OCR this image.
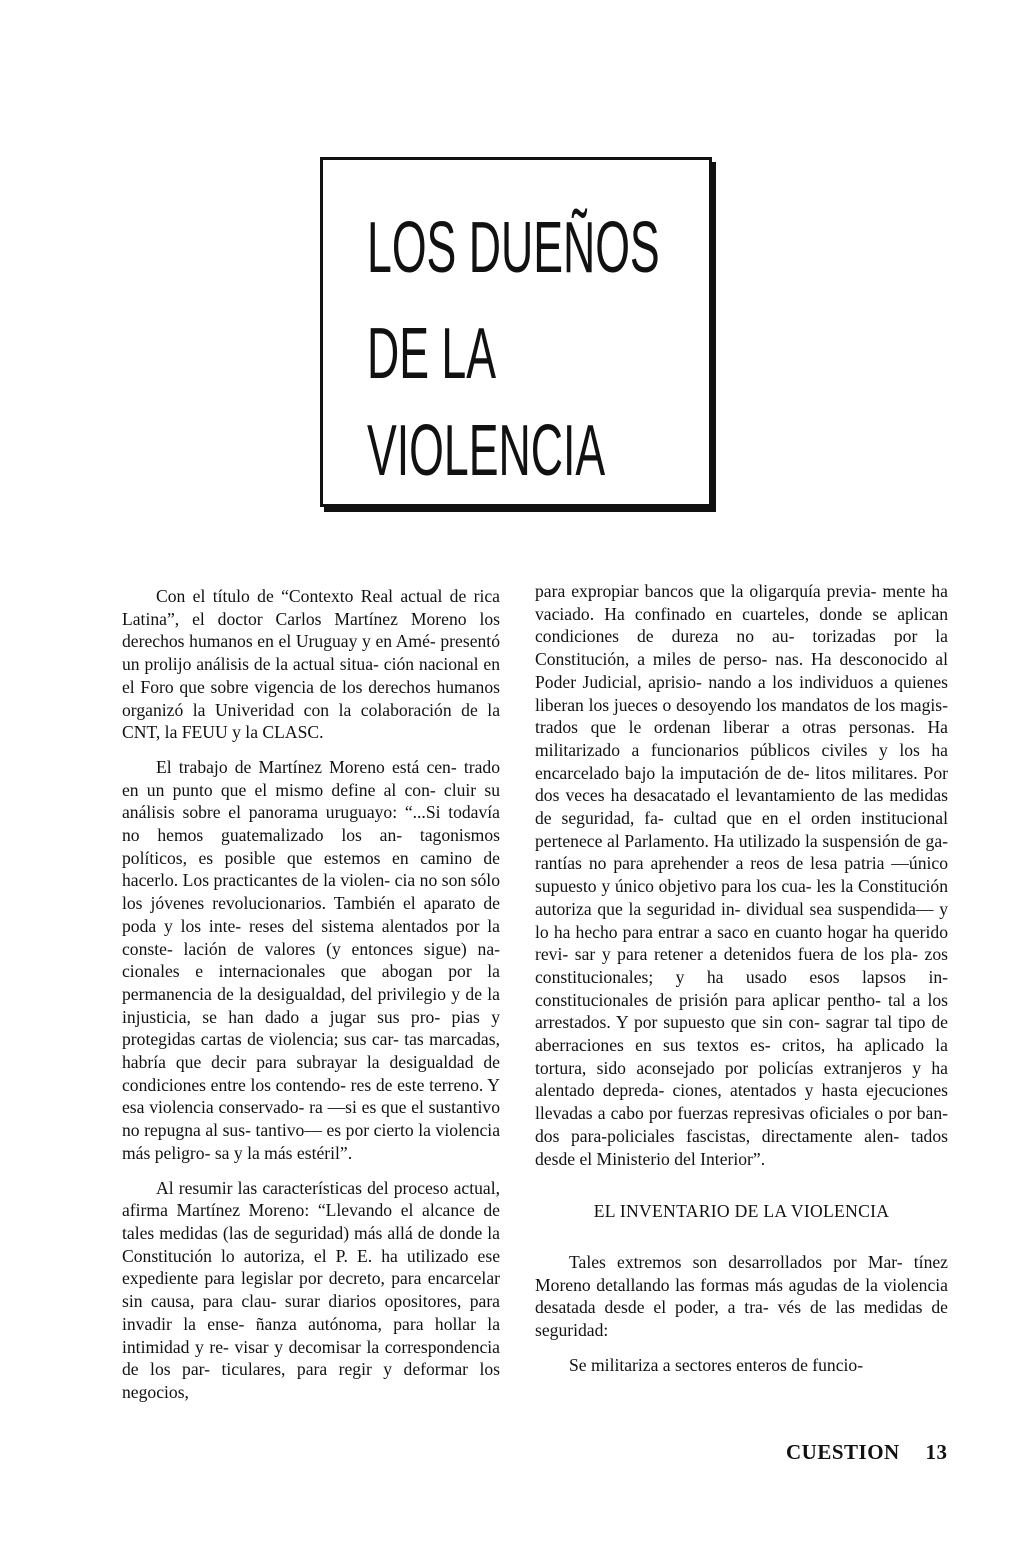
LOS DUEÑOS
DE LA
VIOLENCIA

Con el título de “Contexto Real actual de rica Latina”, el doctor Carlos Martínez Moreno los derechos humanos en el Uruguay y en Amé- presentó un prolijo análisis de la actual situa- ción nacional en el Foro que sobre vigencia de los derechos humanos organizó la Univeridad con la colaboración de la CNT, la FEUU y la CLASC.

El trabajo de Martínez Moreno está cen- trado en un punto que el mismo define al con- cluir su análisis sobre el panorama uruguayo: “...Si todavía no hemos guatemalizado los an- tagonismos políticos, es posible que estemos en camino de hacerlo. Los practicantes de la violen- cia no son sólo los jóvenes revolucionarios. También el aparato de poda y los inte- reses del sistema alentados por la conste- lación de valores (y entonces sigue) na- cionales e internacionales que abogan por la permanencia de la desigualdad, del privilegio y de la injusticia, se han dado a jugar sus pro- pias y protegidas cartas de violencia; sus car- tas marcadas, habría que decir para subrayar la desigualdad de condiciones entre los contendo- res de este terreno. Y esa violencia conservado- ra —si es que el sustantivo no repugna al sus- tantivo— es por cierto la violencia más peligro- sa y la más estéril”.

Al resumir las características del proceso actual, afirma Martínez Moreno: “Llevando el alcance de tales medidas (las de seguridad) más allá de donde la Constitución lo autoriza, el P. E. ha utilizado ese expediente para legislar por decreto, para encarcelar sin causa, para clau- surar diarios opositores, para invadir la ense- ñanza autónoma, para hollar la intimidad y re- visar y decomisar la correspondencia de los par- ticulares, para regir y deformar los negocios,

para expropiar bancos que la oligarquía previa- mente ha vaciado. Ha confinado en cuarteles, donde se aplican condiciones de dureza no au- torizadas por la Constitución, a miles de perso- nas. Ha desconocido al Poder Judicial, aprisio- nando a los individuos a quienes liberan los jueces o desoyendo los mandatos de los magis- trados que le ordenan liberar a otras personas. Ha militarizado a funcionarios públicos civiles y los ha encarcelado bajo la imputación de de- litos militares. Por dos veces ha desacatado el levantamiento de las medidas de seguridad, fa- cultad que en el orden institucional pertenece al Parlamento. Ha utilizado la suspensión de ga- rantías no para aprehender a reos de lesa patria —único supuesto y único objetivo para los cua- les la Constitución autoriza que la seguridad in- dividual sea suspendida— y lo ha hecho para entrar a saco en cuanto hogar ha querido revi- sar y para retener a detenidos fuera de los pla- zos constitucionales; y ha usado esos lapsos in- constitucionales de prisión para aplicar pentho- tal a los arrestados. Y por supuesto que sin con- sagrar tal tipo de aberraciones en sus textos es- critos, ha aplicado la tortura, sido aconsejado por policías extranjeros y ha alentado depreda- ciones, atentados y hasta ejecuciones llevadas a cabo por fuerzas represivas oficiales o por ban- dos para-policiales fascistas, directamente alen- tados desde el Ministerio del Interior”.

EL INVENTARIO DE LA VIOLENCIA

Tales extremos son desarrollados por Mar- tínez Moreno detallando las formas más agudas de la violencia desatada desde el poder, a tra- vés de las medidas de seguridad:

Se militariza a sectores enteros de funcio-

CUESTION 13
